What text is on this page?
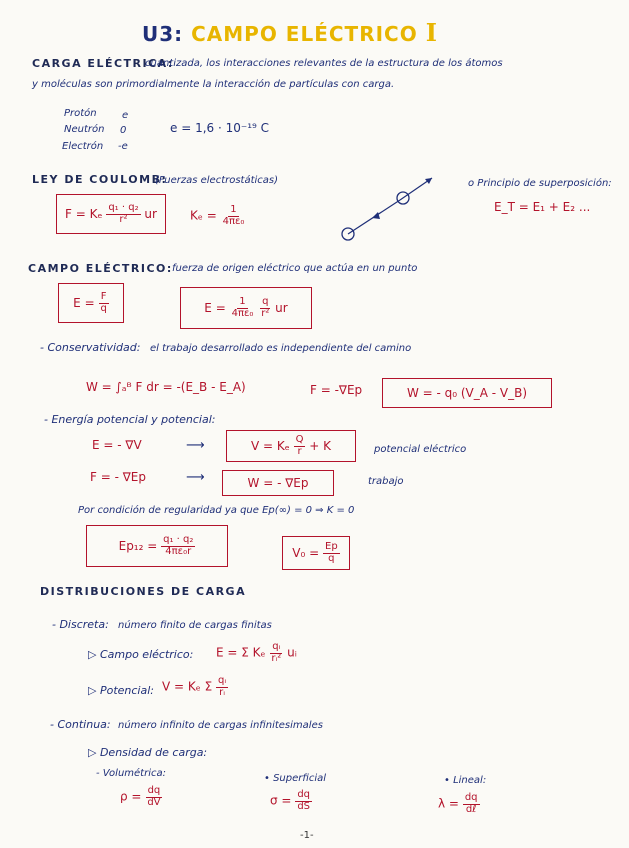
U3: CAMPO ELÉCTRICO I
CARGA ELÉCTRICA:
cuantizada, los interacciones relevantes de la estructura de los átomos
y moléculas son primordialmente la interacción de partículas con carga.
Protón	e
Neutrón 0
Electrón -e
e = 1,6 · 10⁻¹⁹ C
LEY DE COULOMB:
(Fuerzas electrostáticas)
F = Kₑ
$\frac{\text{q₁ · q₂}}{\text{r²}}$
ur	$K_e = \frac{1}{\text{4πε₀}}$
o Principio de superposición:
E_T = E₁ + E₂ ...
CAMPO ELÉCTRICO: fuerza de origen eléctrico que actúa en un punto
E =
$\frac{F}{q}$	E =
$\frac{1}{\text{4πε₀}}$
$\frac{q}{\text{r²}}$
ur
- Conservatividad: el trabajo desarrollado es independiente del camino
W = ∫ₐᴮ F dr = -(E_B - E_A)	F = -∇Ep	W = - q₀ (V_A - V_B)
- Energía potencial y potencial:
E = - ∇V	⟶	V = Kₑ
$\frac{Q}{r}$
+ K	potencial eléctrico
F = - ∇Ep	⟶	W = - ∇Ep	trabajo
Por condición de regularidad ya que Ep(∞) = 0 ⇒ K = 0
Ep₁₂ =
$\frac{\text{q₁ · q₂}}{\text{4πε₀r}}$	V₀ =
$\frac{Ep}{q}$
DISTRIBUCIONES DE CARGA
- Discreta: número finito de cargas finitas
▷ Campo eléctrico: E = Σ Kₑ $\frac{\text{qᵢ}}{\text{rᵢ²}}$ uᵢ
▷ Potencial: V = Kₑ Σ $\frac{\text{qᵢ}}{\text{rᵢ}}$
- Continua: número infinito de cargas infinitesimales
▷ Densidad de carga:
- Volumétrica:
$\rho = \frac{dq}{dV}$
• Superficial
$\sigma = \frac{dq}{dS}$
• Lineal:
$\lambda = \frac{dq}{\text{dℓ}}$
-1-
